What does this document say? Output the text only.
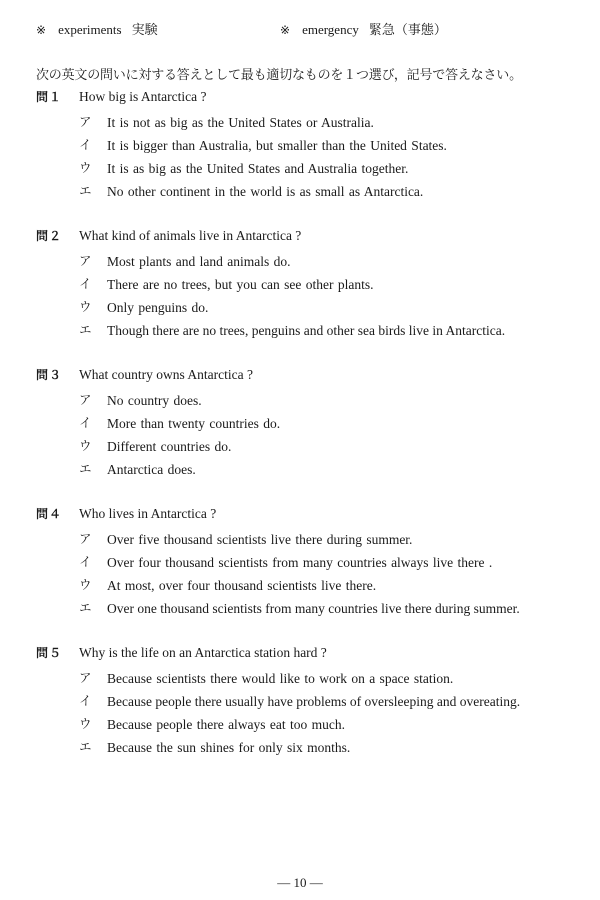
※ experiments 実験	※ emergency 緊急（事態）
次の英文の問いに対する答えとして最も適切なものを１つ選び，記号で答えなさい。
問１	How big is Antarctica ?
ア	It is not as big as the United States or Australia.
イ	It is bigger than Australia, but smaller than the United States.
ウ	It is as big as the United States and Australia together.
エ	No other continent in the world is as small as Antarctica.
問２	What kind of animals live in Antarctica ?
ア	Most plants and land animals do.
イ	There are no trees, but you can see other plants.
ウ	Only penguins do.
エ	Though there are no trees, penguins and other sea birds live in Antarctica.
問３	What country owns Antarctica ?
ア	No country does.
イ	More than twenty countries do.
ウ	Different countries do.
エ	Antarctica does.
問４	Who lives in Antarctica ?
ア	Over five thousand scientists live there during summer.
イ	Over four thousand scientists from many countries always live there .
ウ	At most, over four thousand scientists live there.
エ	Over one thousand scientists from many countries live there during summer.
問５	Why is the life on an Antarctica station hard ?
ア	Because scientists there would like to work on a space station.
イ	Because people there usually have problems of oversleeping and overeating.
ウ	Because people there always eat too much.
エ	Because the sun shines for only six months.
― 10 ―
